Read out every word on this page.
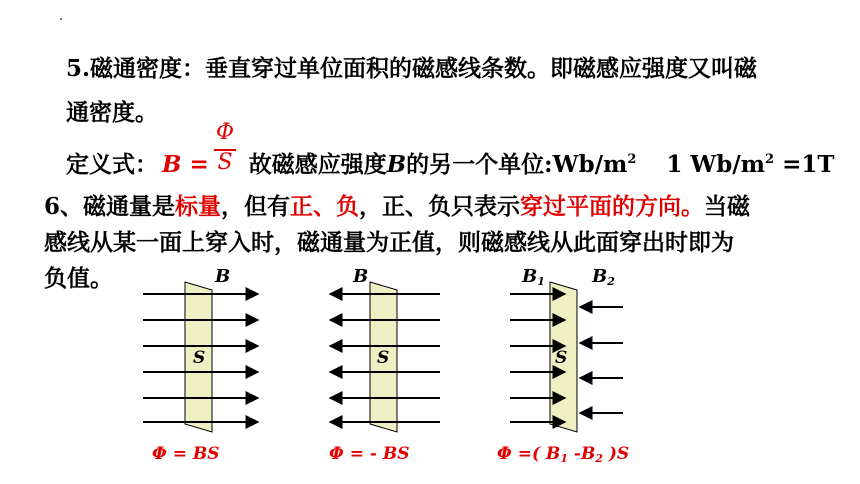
5.磁通密度：垂直穿过单位面积的磁感线条数。即磁感应强度又叫磁
通密度。
定义式： B = 故磁感应强度B的另一个单位$:Wb/m^2$ 1 $Wb/m^2 =1T$
Φ
S
6、磁通量是标量，但有正、负，正、负只表示穿过平面的方向。当磁
感线从某一面上穿入时，磁通量为正值，则磁感线从此面穿出时即为
负值。	B	B	$B_1$	$B_2$
S	S	S
Φ = BS	Φ = - BS	Φ =( $B_1$ $-B_2$ )S
